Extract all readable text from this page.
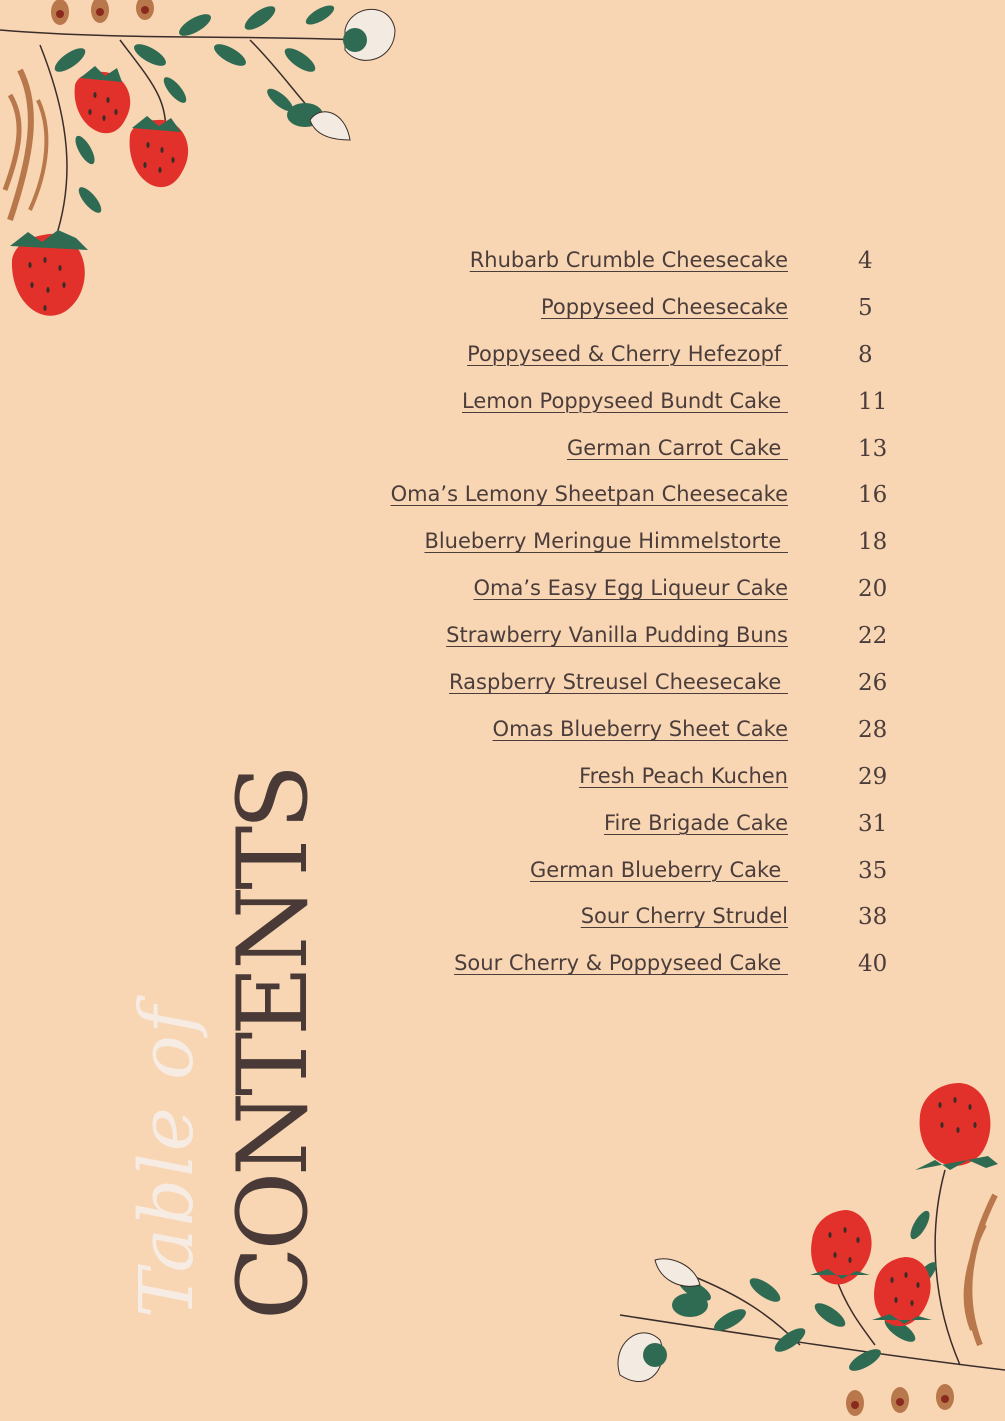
Table of CONTENTS
Rhubarb Crumble Cheesecake	4
Poppyseed Cheesecake	5
Poppyseed & Cherry Hefezopf	8
Lemon Poppyseed Bundt Cake	11
German Carrot Cake	13
Oma’s Lemony Sheetpan Cheesecake	16
Blueberry Meringue Himmelstorte	18
Oma’s Easy Egg Liqueur Cake	20
Strawberry Vanilla Pudding Buns	22
Raspberry Streusel Cheesecake	26
Omas Blueberry Sheet Cake	28
Fresh Peach Kuchen	29
Fire Brigade Cake	31
German Blueberry Cake	35
Sour Cherry Strudel	38
Sour Cherry & Poppyseed Cake	40
